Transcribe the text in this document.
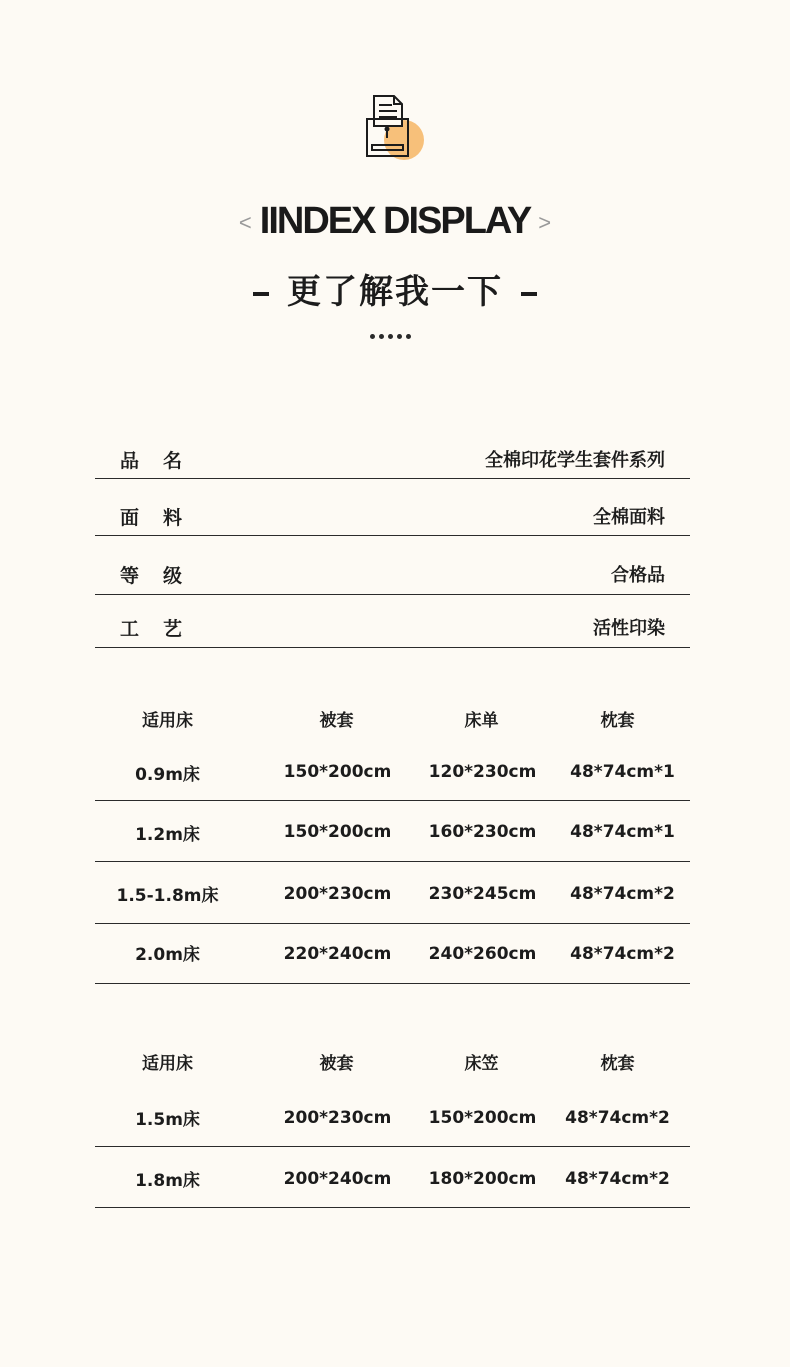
< IINDEX DISPLAY >
更了解我一下
品名	全棉印花学生套件系列
面料	全棉面料
等级	合格品
工艺	活性印染
适用床	被套	床单	枕套
0.9m床	150*200cm	120*230cm	48*74cm*1
1.2m床	150*200cm	160*230cm	48*74cm*1
1.5-1.8m床	200*230cm	230*245cm	48*74cm*2
2.0m床	220*240cm	240*260cm	48*74cm*2
适用床	被套	床笠	枕套
1.5m床	200*230cm	150*200cm	48*74cm*2
1.8m床	200*240cm	180*200cm	48*74cm*2
